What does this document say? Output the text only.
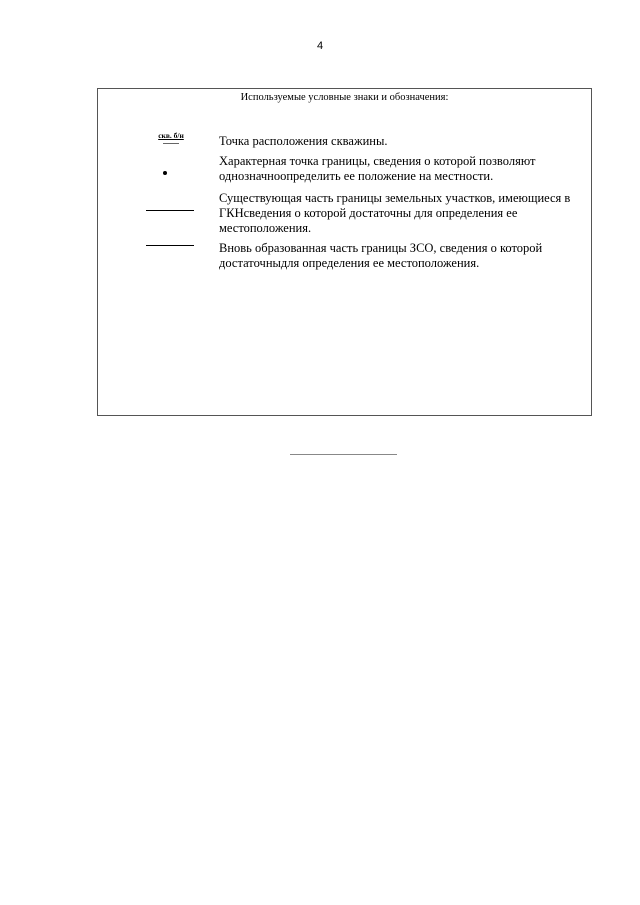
4
Используемые условные знаки и обозначения:
скв. б/н	Точка расположения скважины.
Характерная точка границы, сведения о которой позволяют однозначноопределить ее положение на местности.
Существующая часть границы земельных участков, имеющиеся в ГКНсведения о которой достаточны для определения ее местоположения.
Вновь образованная часть границы ЗСО, сведения о которой достаточныдля определения ее местоположения.
